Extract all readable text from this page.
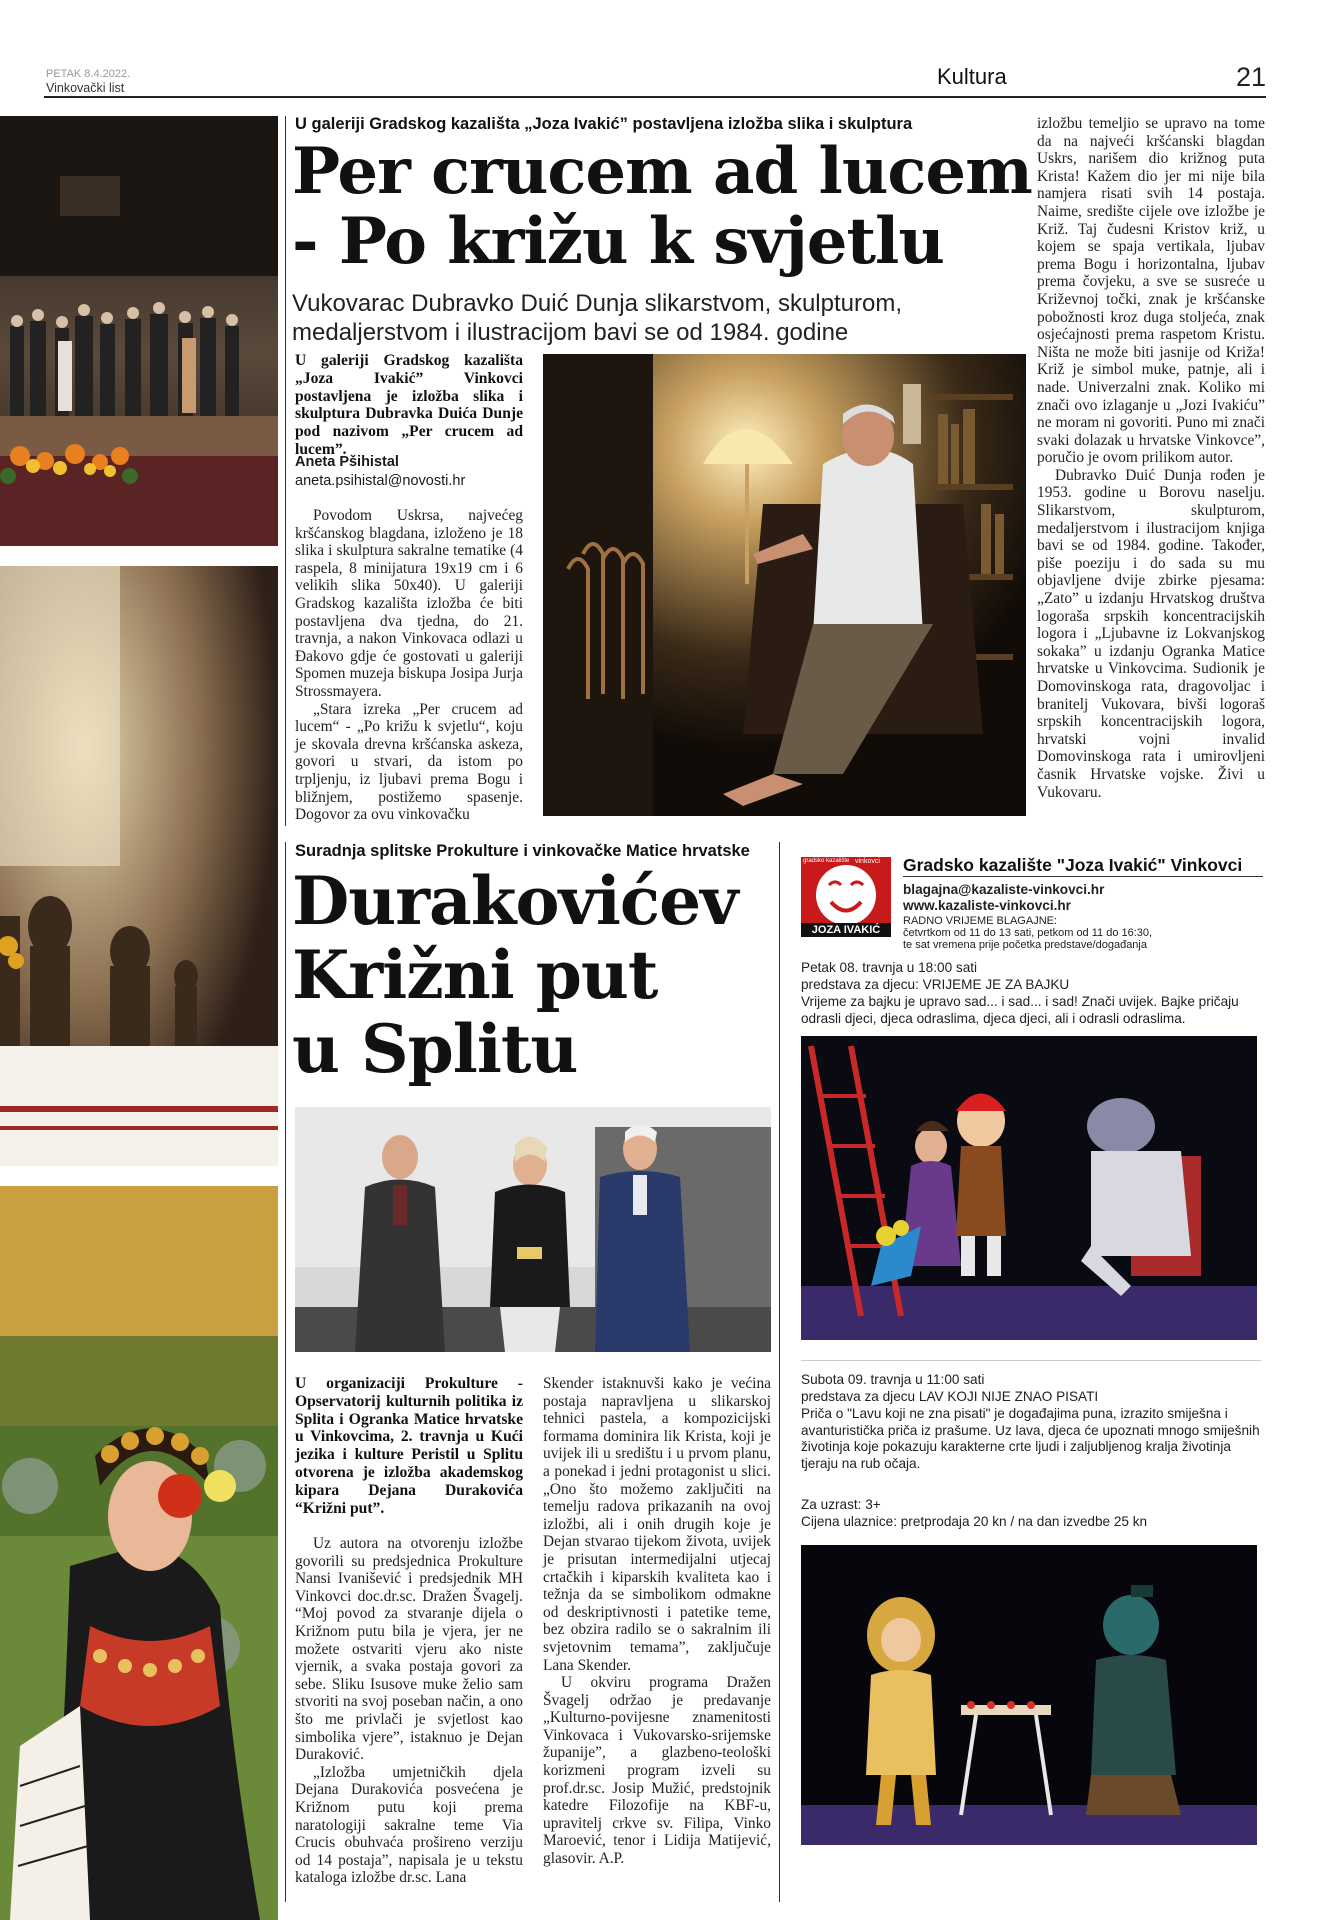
PETAK 8.4.2022.
Vinkovački list	Kultura	21
U galeriji Gradskog kazališta „Joza Ivakić” postavljena izložba slika i skulptura
Per crucem ad lucem
- Po križu k svjetlu
Vukovarac Dubravko Duić Dunja slikarstvom, skulpturom, medaljerstvom i ilustracijom bavi se od 1984. godine
U galeriji Gradskog kazališta „Joza Ivakić” Vinkovci postavljena je izložba slika i skulptura Dubravka Duića Dunje pod nazivom „Per crucem ad lucem”.
Aneta Pšihistal
aneta.psihistal@novosti.hr

Povodom Uskrsa, najvećeg kršćanskog blagdana, izloženo je 18 slika i skulptura sakralne tematike (4 raspela, 8 minijatura 19x19 cm i 6 velikih slika 50x40). U galeriji Gradskog kazališta izložba će biti postavljena dva tjedna, do 21. travnja, a nakon Vinkovaca odlazi u Đakovo gdje će gostovati u galeriji Spomen muzeja biskupa Josipa Jurja Strossmayera.

„Stara izreka „Per crucem ad lucem“ - „Po križu k svjetlu“, koju je skovala drevna kršćanska askeza, govori u stvari, da istom po trpljenju, iz ljubavi prema Bogu i bližnjem, postižemo spasenje. Dogovor za ovu vinkovačku

izložbu temeljio se upravo na tome da na najveći kršćanski blagdan Uskrs, narišem dio križnog puta Krista! Kažem dio jer mi nije bila namjera risati svih 14 postaja. Naime, središte cijele ove izložbe je Križ. Taj čudesni Kristov križ, u kojem se spaja vertikala, ljubav prema Bogu i horizontalna, ljubav prema čovjeku, a sve se susreće u Križevnoj točki, znak je kršćanske pobožnosti kroz duga stoljeća, znak osjećajnosti prema raspetom Kristu. Ništa ne može biti jasnije od Križa! Križ je simbol muke, patnje, ali i nade. Univerzalni znak. Koliko mi znači ovo izlaganje u „Jozi Ivakiću” ne moram ni govoriti. Puno mi znači svaki dolazak u hrvatske Vinkovce”, poručio je ovom prilikom autor.

Dubravko Duić Dunja rođen je 1953. godine u Borovu naselju. Slikarstvom, skulpturom, medaljerstvom i ilustracijom knjiga bavi se od 1984. godine. Također, piše poeziju i do sada su mu objavljene dvije zbirke pjesama: „Zato” u izdanju Hrvatskog društva logoraša srpskih koncentracijskih logora i „Ljubavne iz Lokvanjskog sokaka” u izdanju Ogranka Matice hrvatske u Vinkovcima. Sudionik je Domovinskoga rata, dragovoljac i branitelj Vukovara, bivši logoraš srpskih koncentracijskih logora, hrvatski vojni invalid Domovinskoga rata i umirovljeni časnik Hrvatske vojske. Živi u Vukovaru.

Suradnja splitske Prokulture i vinkovačke Matice hrvatske
Durakovićev
Križni put
u Splitu
U organizaciji Prokulture - Opservatorij kulturnih politika iz Splita i Ogranka Matice hrvatske u Vinkovcima, 2. travnja u Kući jezika i kulture Peristil u Splitu otvorena je izložba akademskog kipara Dejana Durakovića “Križni put”.

Uz autora na otvorenju izložbe govorili su predsjednica Prokulture Nansi Ivanišević i predsjednik MH Vinkovci doc.dr.sc. Dražen Švagelj. “Moj povod za stvaranje dijela o Križnom putu bila je vjera, jer ne možete ostvariti vjeru ako niste vjernik, a svaka postaja govori za sebe. Sliku Isusove muke želio sam stvoriti na svoj poseban način, a ono što me privlači je svjetlost kao simbolika vjere”, istaknuo je Dejan Duraković.

„Izložba umjetničkih djela Dejana Durakovića posvećena je Križnom putu koji prema naratologiji sakralne teme Via Crucis obuhvaća prošireno verziju od 14 postaja”, napisala je u tekstu kataloga izložbe dr.sc. Lana

Skender istaknuvši kako je većina postaja napravljena u slikarskoj tehnici pastela, a kompozicijski formama dominira lik Krista, koji je uvijek ili u središtu i u prvom planu, a ponekad i jedni protagonist u slici. „Ono što možemo zaključiti na temelju radova prikazanih na ovoj izložbi, ali i onih drugih koje je Dejan stvarao tijekom života, uvijek je prisutan intermedijalni utjecaj crtačkih i kiparskih kvaliteta kao i težnja da se simbolikom odmakne od deskriptivnosti i patetike teme, bez obzira radilo se o sakralnim ili svjetovnim temama”, zaključuje Lana Skender.

U okviru programa Dražen Švagelj održao je predavanje „Kulturno-povijesne znamenitosti Vinkovaca i Vukovarsko-srijemske županije”, a glazbeno-teološki korizmeni program izveli su prof.dr.sc. Josip Mužić, predstojnik katedre Filozofije na KBF-u, upravitelj crkve sv. Filipa, Vinko Maroević, tenor i Lidija Matijević, glasovir. A.P.

JOZA IVAKIĆ
gradsko kazalište vinkovci Gradsko kazalište "Joza Ivakić" Vinkovci
blagajna@kazaliste-vinkovci.hr
www.kazaliste-vinkovci.hr
RADNO VRIJEME BLAGAJNE:
četvrtkom od 11 do 13 sati, petkom od 11 do 16:30,
te sat vremena prije početka predstave/događanja
Petak 08. travnja u 18:00 sati
predstava za djecu: VRIJEME JE ZA BAJKU
Vrijeme za bajku je upravo sad... i sad... i sad! Znači uvijek. Bajke pričaju odrasli djeci, djeca odraslima, djeca djeci, ali i odrasli odraslima.
Subota 09. travnja u 11:00 sati
predstava za djecu LAV KOJI NIJE ZNAO PISATI
Priča o "Lavu koji ne zna pisati" je događajima puna, izrazito smiješna i avanturistička priča iz prašume. Uz lava, djeca će upoznati mnogo smiješnih životinja koje pokazuju karakterne crte ljudi i zaljubljenog kralja životinja tjeraju na rub očaja.
Za uzrast: 3+
Cijena ulaznice: pretprodaja 20 kn / na dan izvedbe 25 kn
